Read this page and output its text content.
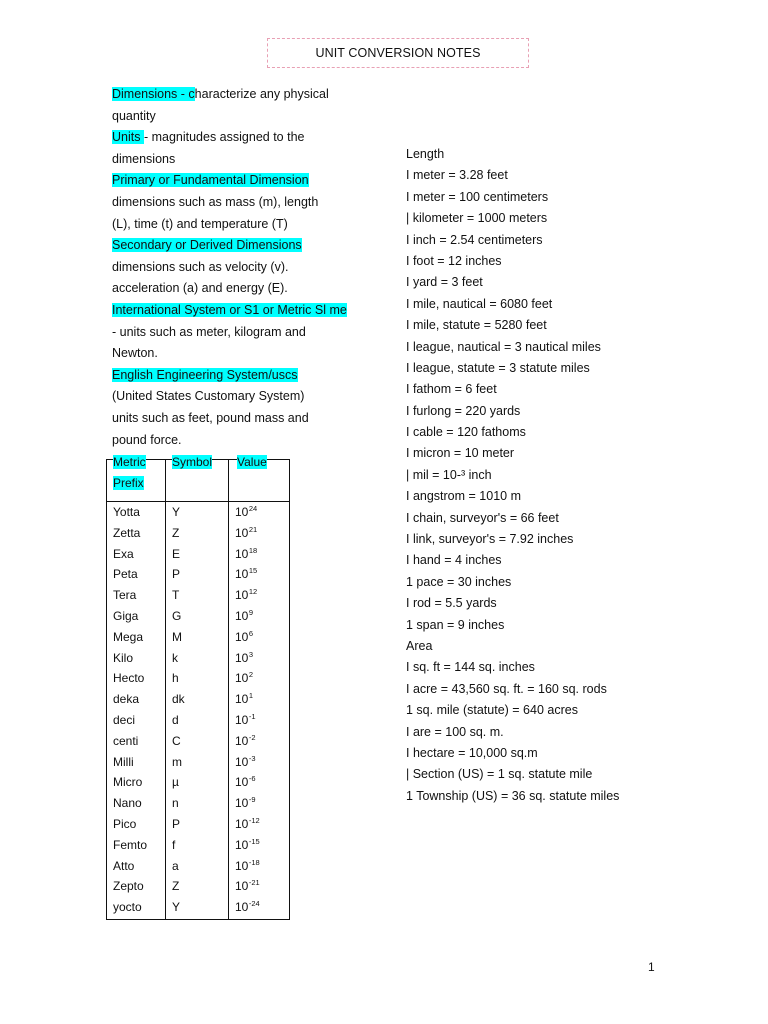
UNIT CONVERSION NOTES
Dimensions - characterize any physical
quantity
Units - magnitudes assigned to the
dimensions
Primary or Fundamental Dimension
dimensions such as mass (m), length
(L), time (t) and temperature (T)
Secondary or Derived Dimensions
dimensions such as velocity (v).
acceleration (a) and energy (E).
International System or S1 or Metric Sl me
- units such as meter, kilogram and
Newton.
English Engineering System/uscs
(United States Customary System)
units such as feet, pound mass and
pound force.
Metric
Prefix
Symbol Value
Yotta	Y	$10^{24}$
Zetta	Z	$10^{21}$
Exa	E	$10^{18}$
Peta	P	$10^{15}$
Tera	T	$10^{12}$
Giga	G	$10^9$
Mega M	$10^6$
Kilo	k	$10^3$
Hecto h	$10^2$
deka	dk	$10^1$
deci	d	$10^{-1}$
centi	C	$10^{-2}$
Milli	m	$10^{-3}$
Micro µ	$10^{-6}$
Nano	n	$10^{-9}$
Pico	P	$10^{-12}$
Femto f	$10^{-15}$
Atto	a	$10^{-18}$
Zepto Z	$10^{-21}$
yocto	Y	$10^{-24}$
Length
I meter = 3.28 feet
I meter = 100 centimeters
| kilometer = 1000 meters
I inch = 2.54 centimeters
I foot = 12 inches
I yard = 3 feet
I mile, nautical = 6080 feet
I mile, statute = 5280 feet
I league, nautical = 3 nautical miles
I league, statute = 3 statute miles
I fathom = 6 feet
I furlong = 220 yards
I cable = 120 fathoms
I micron = 10 meter
| mil = 10-³ inch
I angstrom = 1010 m
I chain, surveyor's = 66 feet
I link, surveyor's = 7.92 inches
I hand = 4 inches
1 pace = 30 inches
I rod = 5.5 yards
1 span = 9 inches
Area
I sq. ft = 144 sq. inches
I acre = 43,560 sq. ft. = 160 sq. rods
1 sq. mile (statute) = 640 acres
I are = 100 sq. m.
I hectare = 10,000 sq.m
| Section (US) = 1 sq. statute mile
1 Township (US) = 36 sq. statute miles
1
